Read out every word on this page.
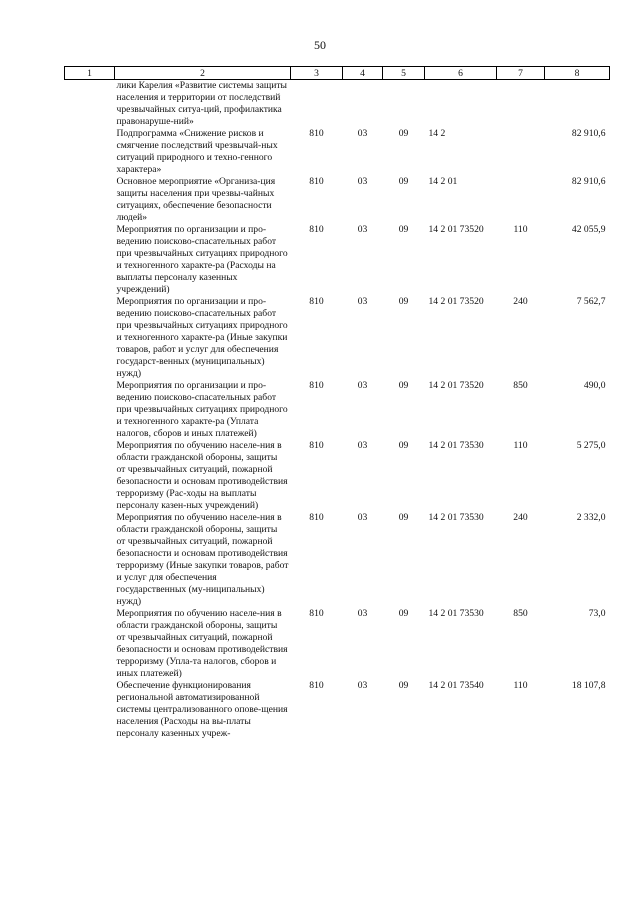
50
1	2	3	4	5	6	7	8
	лики Карелия «Развитие системы защиты населения и территории от последствий чрезвычайных ситуа-ций, профилактика правонаруше-ний»						
	Подпрограмма «Снижение рисков и смягчение последствий чрезвычай-ных ситуаций природного и техно-генного характера»	810	03	09	14 2		82 910,6
	Основное мероприятие «Организа-ция защиты населения при чрезвы-чайных ситуациях, обеспечение безопасности людей»	810	03	09	14 2 01		82 910,6
	Мероприятия по организации и про-ведению поисково-спасательных работ при чрезвычайных ситуациях природного и техногенного характе-ра (Расходы на выплаты персоналу казенных учреждений)	810	03	09	14 2 01 73520	110	42 055,9
	Мероприятия по организации и про-ведению поисково-спасательных работ при чрезвычайных ситуациях природного и техногенного характе-ра (Иные закупки товаров, работ и услуг для обеспечения государст-венных (муниципальных) нужд)	810	03	09	14 2 01 73520	240	7 562,7
	Мероприятия по организации и про-ведению поисково-спасательных работ при чрезвычайных ситуациях природного и техногенного характе-ра (Уплата налогов, сборов и иных платежей)	810	03	09	14 2 01 73520	850	490,0
	Мероприятия по обучению населе-ния в области гражданской обороны, защиты от чрезвычайных ситуаций, пожарной безопасности и основам противодействия терроризму (Рас-ходы на выплаты персоналу казен-ных учреждений)	810	03	09	14 2 01 73530	110	5 275,0
	Мероприятия по обучению населе-ния в области гражданской обороны, защиты от чрезвычайных ситуаций, пожарной безопасности и основам противодействия терроризму (Иные закупки товаров, работ и услуг для обеспечения государственных (му-ниципальных) нужд)	810	03	09	14 2 01 73530	240	2 332,0
	Мероприятия по обучению населе-ния в области гражданской обороны, защиты от чрезвычайных ситуаций, пожарной безопасности и основам противодействия терроризму (Упла-та налогов, сборов и иных платежей)	810	03	09	14 2 01 73530	850	73,0
	Обеспечение функционирования региональной автоматизированной системы централизованного опове-щения населения (Расходы на вы-платы персоналу казенных учреж-	810	03	09	14 2 01 73540	110	18 107,8
